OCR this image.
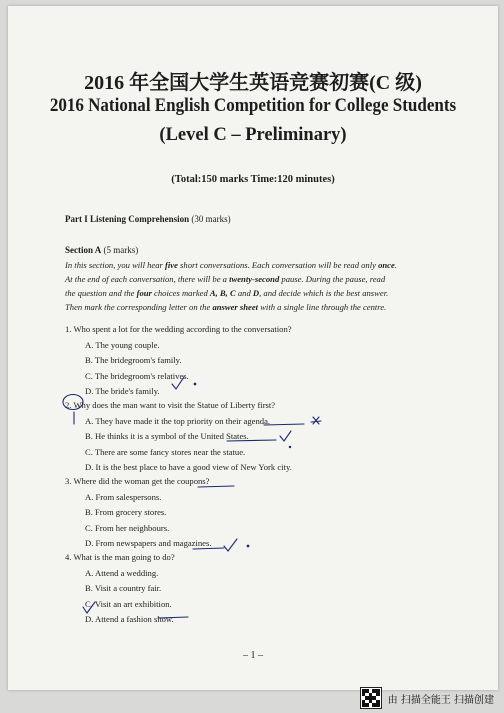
2016 年全国大学生英语竞赛初赛(C 级)
2016 National English Competition for College Students
(Level C – Preliminary)
(Total:150 marks Time:120 minutes)
Part I Listening Comprehension (30 marks)
Section A (5 marks)

In this section, you will hear five short conversations. Each conversation will be read only once.

At the end of each conversation, there will be a twenty-second pause. During the pause, read

the question and the four choices marked A, B, C and D, and decide which is the best answer.

Then mark the corresponding letter on the answer sheet with a single line through the centre.

1. Who spent a lot for the wedding according to the conversation?
A. The young couple.
B. The bridegroom's family.
C. The bridegroom's relatives.
D. The bride's family.
2. Why does the man want to visit the Statue of Liberty first?
A. They have made it the top priority on their agenda.
B. He thinks it is a symbol of the United States.
C. There are some fancy stores near the statue.
D. It is the best place to have a good view of New York city.
3. Where did the woman get the coupons?
A. From salespersons.
B. From grocery stores.
C. From her neighbours.
D. From newspapers and magazines.
4. What is the man going to do?
A. Attend a wedding.
B. Visit a country fair.
C. Visit an art exhibition.
D. Attend a fashion show.
– 1 –
由 扫描全能王 扫描创建
